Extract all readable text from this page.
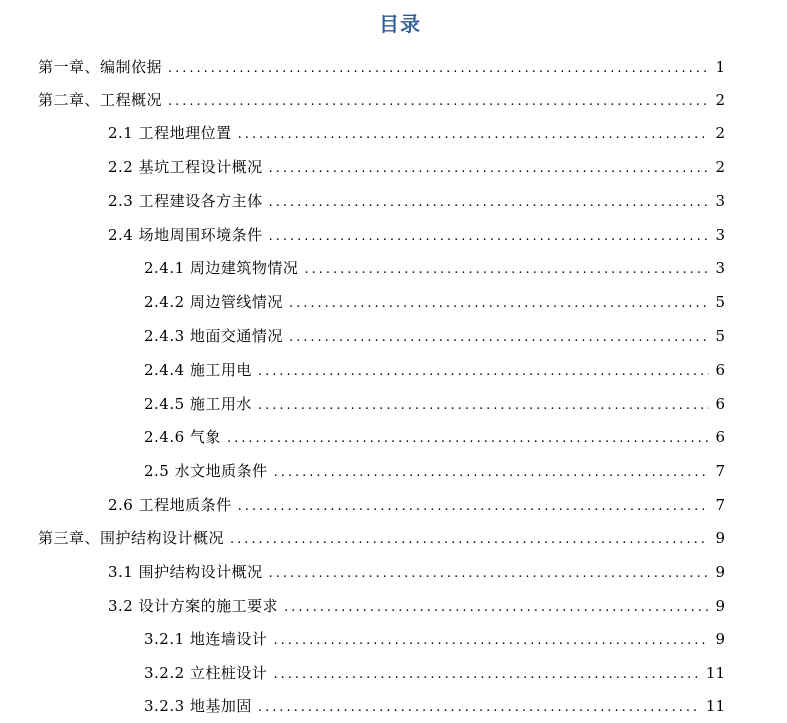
目录
第一章、编制依据 .....	1
第二章、工程概况 .....	2
2.1 工程地理位置 .....	2
2.2 基坑工程设计概况 .....	2
2.3 工程建设各方主体 .....	3
2.4 场地周围环境条件 .....	3
2.4.1 周边建筑物情况 .....	3
2.4.2 周边管线情况 .....	5
2.4.3 地面交通情况 .....	5
2.4.4 施工用电 .....	6
2.4.5 施工用水 .....	6
2.4.6 气象 .....	6
2.5 水文地质条件 .....	7
2.6 工程地质条件 .....	7
第三章、围护结构设计概况 .....	9
3.1 围护结构设计概况 .....	9
3.2 设计方案的施工要求 .....	9
3.2.1 地连墙设计 .....	9
3.2.2 立柱桩设计 .....	11
3.2.3 地基加固 .....	11
